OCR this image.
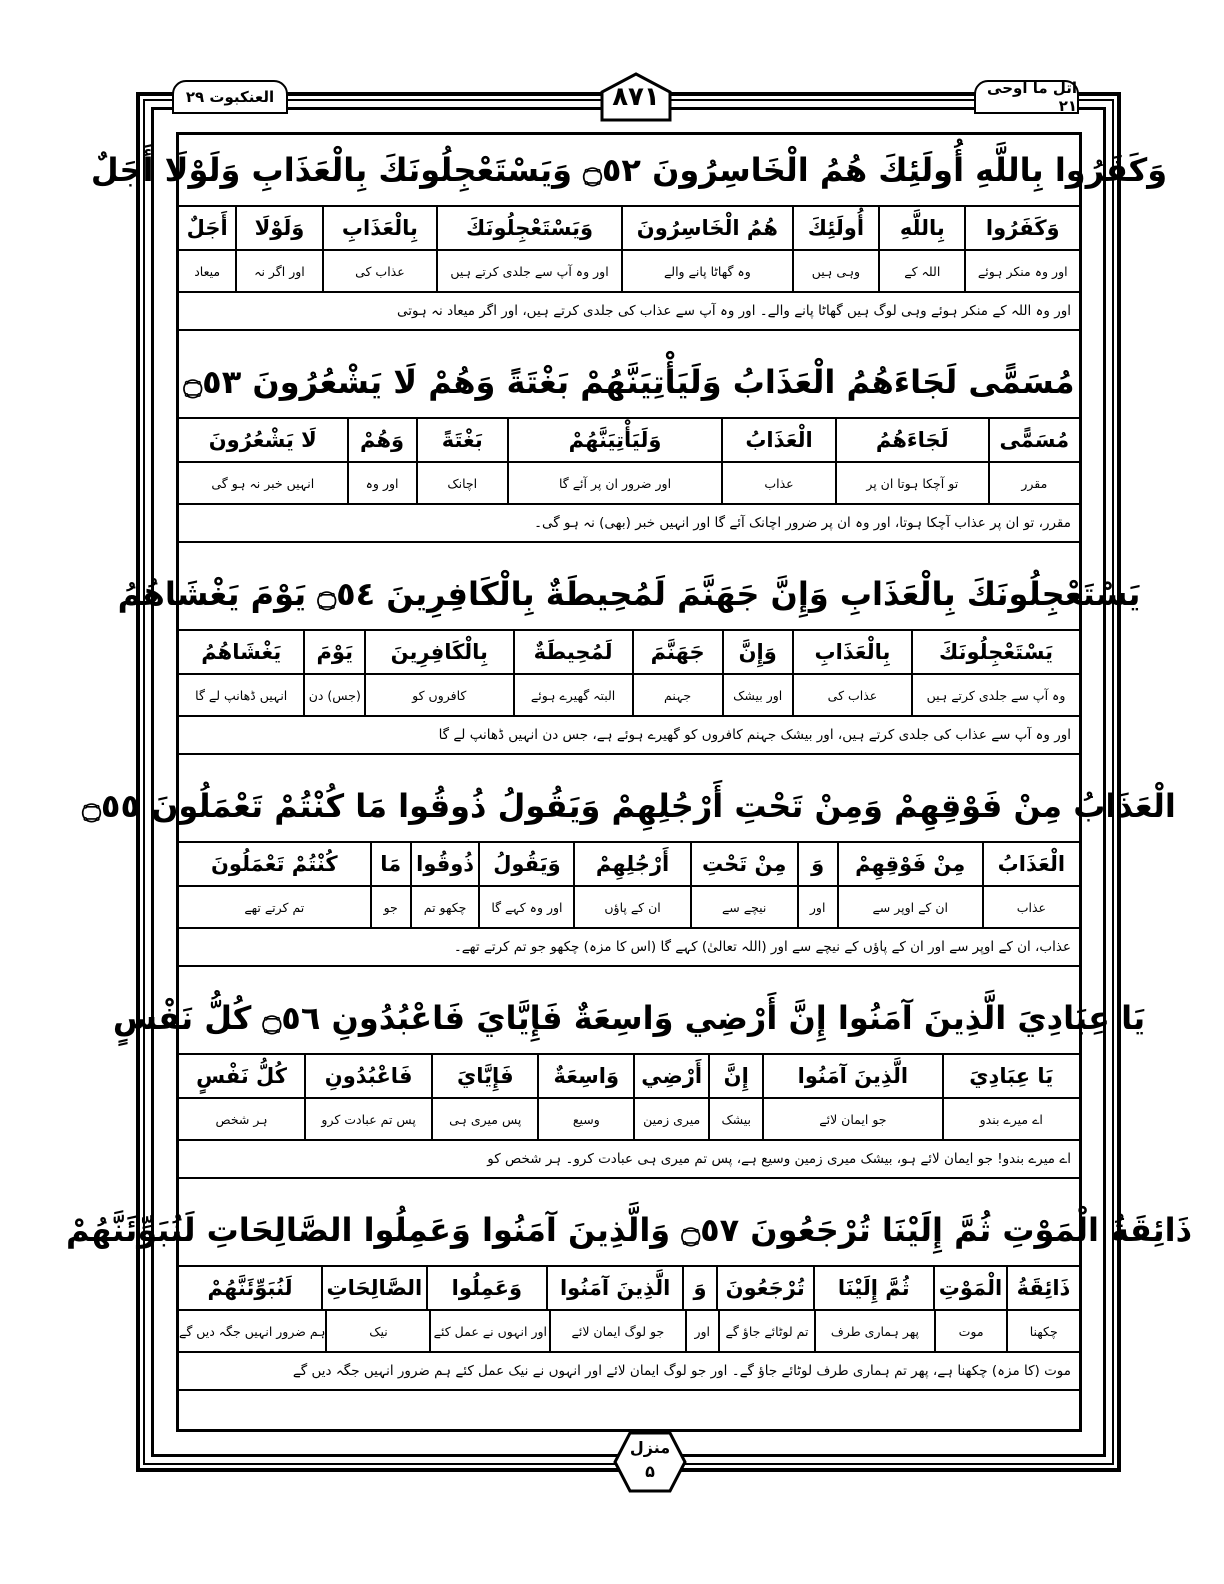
العنکبوت ۲۹	اتل ما اوحی ۲۱
۸۷۱
وَكَفَرُوا بِاللَّهِ أُولَئِكَ هُمُ الْخَاسِرُونَ ۝٥٢ وَيَسْتَعْجِلُونَكَ بِالْعَذَابِ وَلَوْلَا أَجَلٌ
وَكَفَرُوا
بِاللَّهِ
أُولَئِكَ
هُمُ الْخَاسِرُونَ
وَيَسْتَعْجِلُونَكَ
بِالْعَذَابِ
وَلَوْلَا
أَجَلٌ
اور وہ منکر ہوئے
اللہ کے
وہی ہیں
وہ گھاٹا پانے والے
اور وہ آپ سے جلدی کرتے ہیں
عذاب کی
اور اگر نہ
میعاد
اور وہ اللہ کے منکر ہوئے وہی لوگ ہیں گھاٹا پانے والے۔ اور وہ آپ سے عذاب کی جلدی کرتے ہیں، اور اگر میعاد نہ ہوتی
مُسَمًّى لَجَاءَهُمُ الْعَذَابُ وَلَيَأْتِيَنَّهُمْ بَغْتَةً وَهُمْ لَا يَشْعُرُونَ ۝٥٣
مُسَمًّى
لَجَاءَهُمُ
الْعَذَابُ
وَلَيَأْتِيَنَّهُمْ
بَغْتَةً
وَهُمْ
لَا يَشْعُرُونَ
مقرر
تو آچکا ہوتا ان پر
عذاب
اور ضرور ان پر آئے گا
اچانک
اور وہ
انہیں خبر نہ ہو گی
مقرر، تو ان پر عذاب آچکا ہوتا، اور وہ ان پر ضرور اچانک آئے گا اور انہیں خبر (بھی) نہ ہو گی۔
يَسْتَعْجِلُونَكَ بِالْعَذَابِ وَإِنَّ جَهَنَّمَ لَمُحِيطَةٌ بِالْكَافِرِينَ ۝٥٤ يَوْمَ يَغْشَاهُمُ
يَسْتَعْجِلُونَكَ
بِالْعَذَابِ
وَإِنَّ
جَهَنَّمَ
لَمُحِيطَةٌ
بِالْكَافِرِينَ
يَوْمَ
يَغْشَاهُمُ
وہ آپ سے جلدی کرتے ہیں
عذاب کی
اور بیشک
جہنم
البتہ گھیرے ہوئے
کافروں کو
(جس) دن
انہیں ڈھانپ لے گا
اور وہ آپ سے عذاب کی جلدی کرتے ہیں، اور بیشک جہنم کافروں کو گھیرے ہوئے ہے، جس دن انہیں ڈھانپ لے گا
الْعَذَابُ مِنْ فَوْقِهِمْ وَمِنْ تَحْتِ أَرْجُلِهِمْ وَيَقُولُ ذُوقُوا مَا كُنْتُمْ تَعْمَلُونَ ۝٥٥
الْعَذَابُ
مِنْ فَوْقِهِمْ
وَ
مِنْ تَحْتِ
أَرْجُلِهِمْ
وَيَقُولُ
ذُوقُوا
مَا
كُنْتُمْ تَعْمَلُونَ
عذاب
ان کے اوپر سے
اور
نیچے سے
ان کے پاؤں
اور وہ کہے گا
چکھو تم
جو
تم کرتے تھے
عذاب، ان کے اوپر سے اور ان کے پاؤں کے نیچے سے اور (اللہ تعالیٰ) کہے گا (اس کا مزہ) چکھو جو تم کرتے تھے۔
يَا عِبَادِيَ الَّذِينَ آمَنُوا إِنَّ أَرْضِي وَاسِعَةٌ فَإِيَّايَ فَاعْبُدُونِ ۝٥٦ كُلُّ نَفْسٍ
يَا عِبَادِيَ
الَّذِينَ آمَنُوا
إِنَّ
أَرْضِي
وَاسِعَةٌ
فَإِيَّايَ
فَاعْبُدُونِ
كُلُّ نَفْسٍ
اے میرے بندو
جو ایمان لائے
بیشک
میری زمین
وسیع
پس میری ہی
پس تم عبادت کرو
ہر شخص
اے میرے بندو! جو ایمان لائے ہو، بیشک میری زمین وسیع ہے، پس تم میری ہی عبادت کرو۔ ہر شخص کو
ذَائِقَةُ الْمَوْتِ ثُمَّ إِلَيْنَا تُرْجَعُونَ ۝٥٧ وَالَّذِينَ آمَنُوا وَعَمِلُوا الصَّالِحَاتِ لَنُبَوِّئَنَّهُمْ
ذَائِقَةُ
الْمَوْتِ
ثُمَّ إِلَيْنَا
تُرْجَعُونَ
وَ
الَّذِينَ آمَنُوا
وَعَمِلُوا
الصَّالِحَاتِ
لَنُبَوِّئَنَّهُمْ
چکھنا
موت
پھر ہماری طرف
تم لوٹائے جاؤ گے
اور
جو لوگ ایمان لائے
اور انہوں نے عمل کئے
نیک
ہم ضرور انہیں جگہ دیں گے
موت (کا مزہ) چکھنا ہے، پھر تم ہماری طرف لوٹائے جاؤ گے۔ اور جو لوگ ایمان لائے اور انہوں نے نیک عمل کئے ہم ضرور انہیں جگہ دیں گے
منزل
۵
